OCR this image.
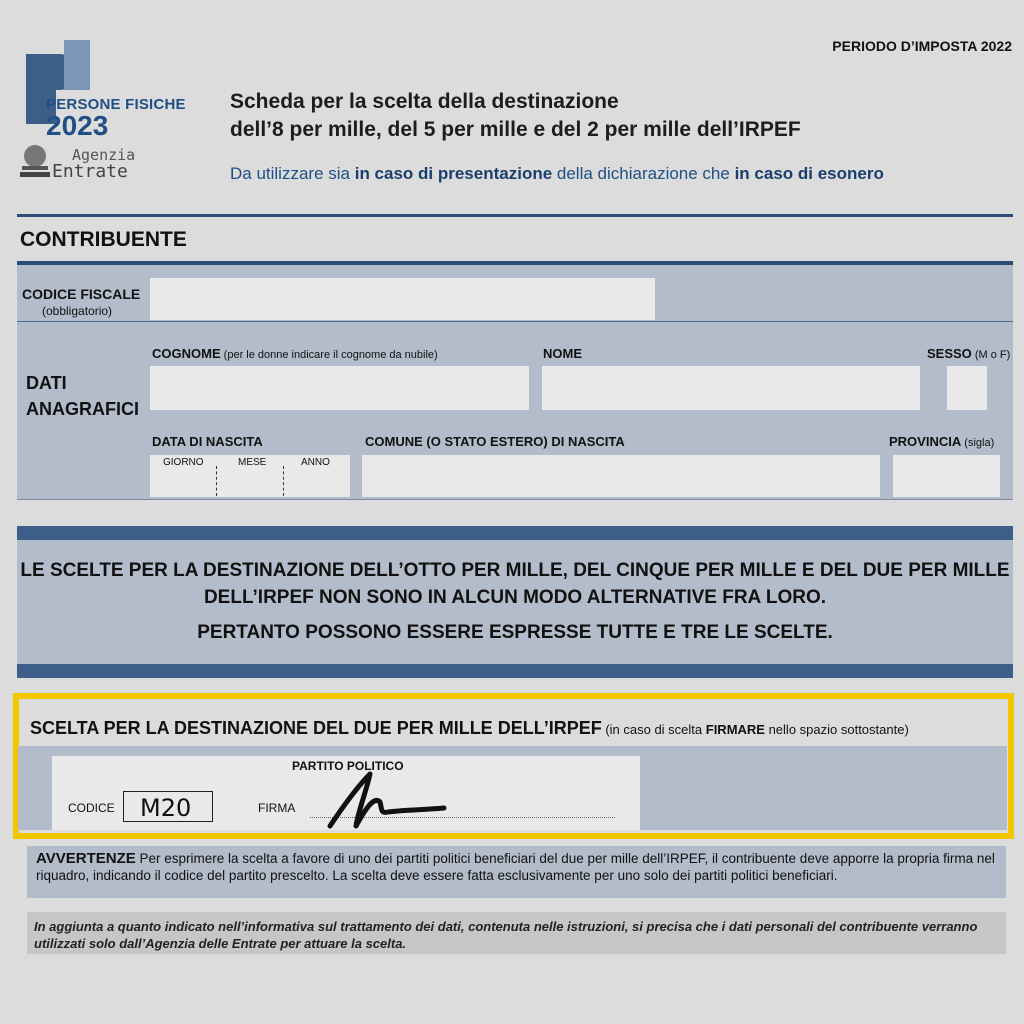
PERSONE FISICHE
2023
Agenzia
Entrate
PERIODO D’IMPOSTA 2022
Scheda per la scelta della destinazione
dell’8 per mille, del 5 per mille e del 2 per mille dell’IRPEF
Da utilizzare sia in caso di presentazione della dichiarazione che in caso di esonero
CONTRIBUENTE
CODICE FISCALE
(obbligatorio)
DATI
ANAGRAFICI
COGNOME (per le donne indicare il cognome da nubile)	NOME	SESSO (M o F)
DATA DI NASCITA
GIORNO	MESE	ANNO
COMUNE (O STATO ESTERO) DI NASCITA	PROVINCIA (sigla)
LE SCELTE PER LA DESTINAZIONE DELL’OTTO PER MILLE, DEL CINQUE PER MILLE E DEL DUE PER MILLE
DELL’IRPEF NON SONO IN ALCUN MODO ALTERNATIVE FRA LORO.
PERTANTO POSSONO ESSERE ESPRESSE TUTTE E TRE LE SCELTE.
SCELTA PER LA DESTINAZIONE DEL DUE PER MILLE DELL’IRPEF (in caso di scelta FIRMARE nello spazio sottostante)
PARTITO POLITICO
CODICE M20	FIRMA
AVVERTENZE Per esprimere la scelta a favore di uno dei partiti politici beneficiari del due per mille dell’IRPEF, il contribuente deve apporre la propria firma nel riquadro, indicando il codice del partito prescelto. La scelta deve essere fatta esclusivamente per uno solo dei partiti politici beneficiari.
In aggiunta a quanto indicato nell’informativa sul trattamento dei dati, contenuta nelle istruzioni, si precisa che i dati personali del contribuente verranno utilizzati solo dall’Agenzia delle Entrate per attuare la scelta.
